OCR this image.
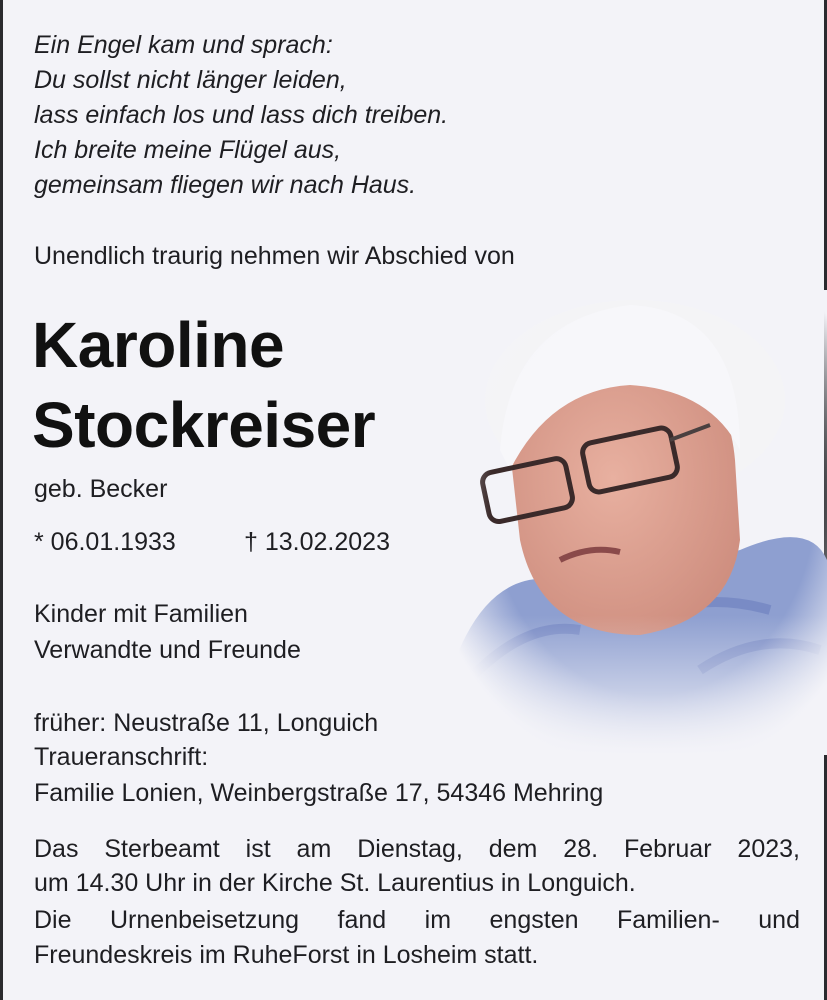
Ein Engel kam und sprach:
Du sollst nicht länger leiden,
lass einfach los und lass dich treiben.
Ich breite meine Flügel aus,
gemeinsam fliegen wir nach Haus.
Unendlich traurig nehmen wir Abschied von
Karoline
Stockreiser
geb. Becker
* 06.01.1933	† 13.02.2023
Kinder mit Familien
Verwandte und Freunde
früher: Neustraße 11, Longuich
Traueranschrift:
Familie Lonien, Weinbergstraße 17, 54346 Mehring
Das Sterbeamt ist am Dienstag, dem 28. Februar 2023,
um 14.30 Uhr in der Kirche St. Laurentius in Longuich.
Die Urnenbeisetzung fand im engsten Familien- und
Freundeskreis im RuheForst in Losheim statt.
